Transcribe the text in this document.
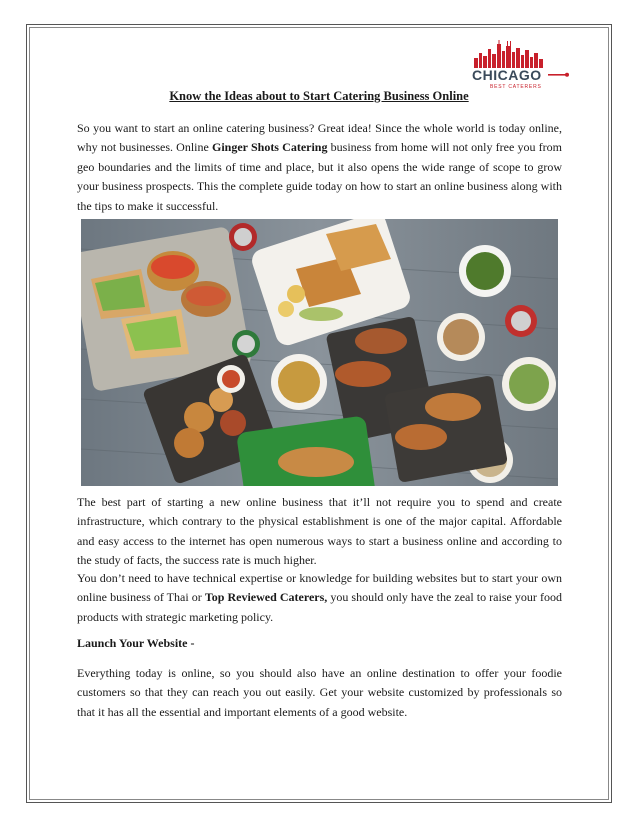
CHICAGO
BEST CATERERS
Know the Ideas about to Start Catering Business Online

So you want to start an online catering business? Great idea! Since the whole world is today online, why not businesses. Online Ginger Shots Catering business from home will not only free you from geo boundaries and the limits of time and place, but it also opens the wide range of scope to grow your business prospects. This the complete guide today on how to start an online business along with the tips to make it successful.

The best part of starting a new online business that it’ll not require you to spend and create infrastructure, which contrary to the physical establishment is one of the major capital. Affordable and easy access to the internet has open numerous ways to start a business online and according to the study of facts, the success rate is much higher.

You don’t need to have technical expertise or knowledge for building websites but to start your own online business of Thai or Top Reviewed Caterers, you should only have the zeal to raise your food products with strategic marketing policy.

Launch Your Website -

Everything today is online, so you should also have an online destination to offer your foodie customers so that they can reach you out easily. Get your website customized by professionals so that it has all the essential and important elements of a good website.
